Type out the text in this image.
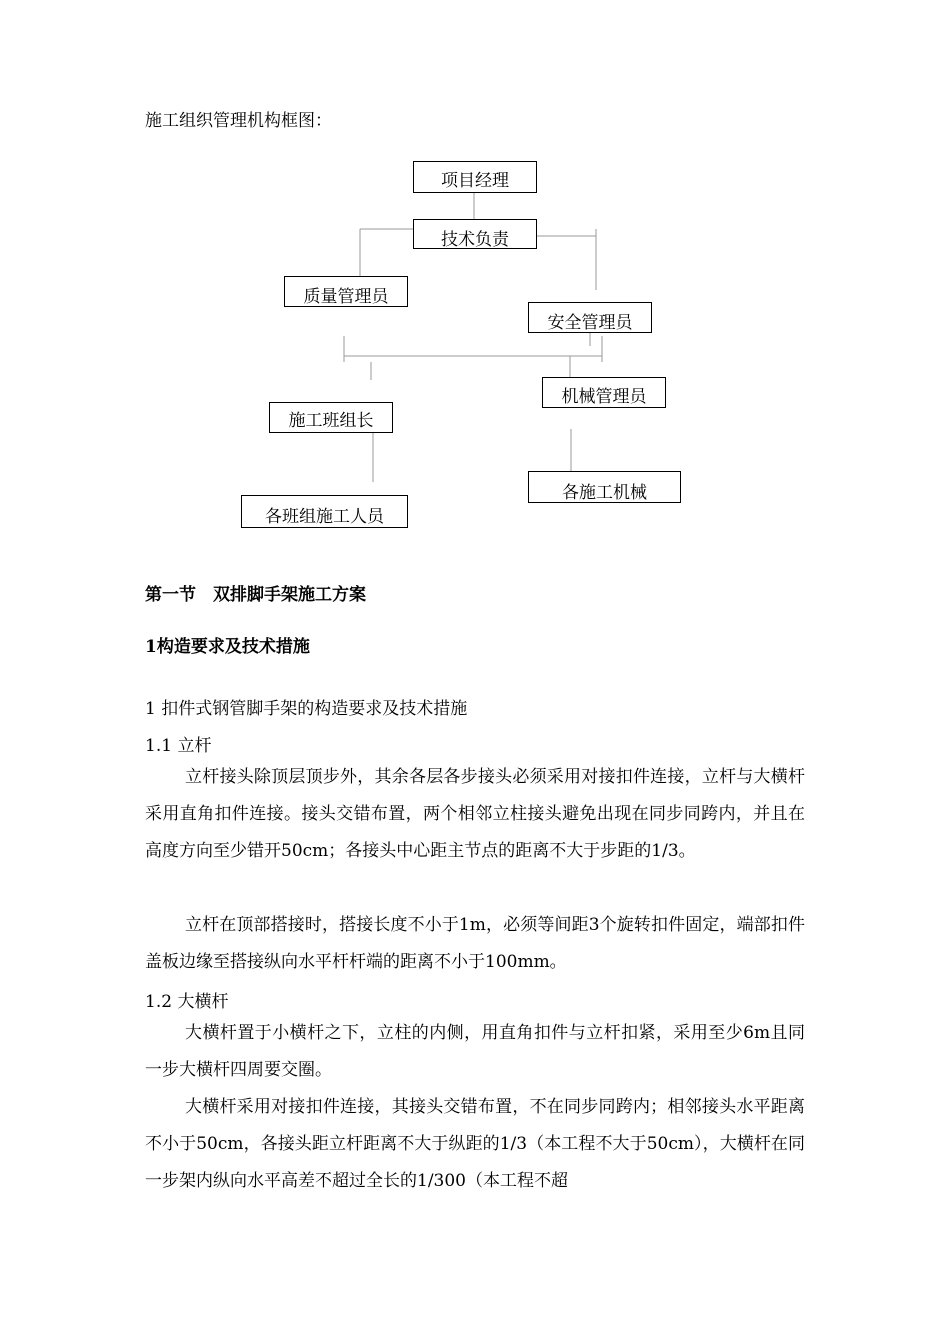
施工组织管理机构框图：
项目经理
技术负责
质量管理员
安全管理员
机械管理员
施工班组长
各施工机械
各班组施工人员
第一节　双排脚手架施工方案
1构造要求及技术措施
1 扣件式钢管脚手架的构造要求及技术措施
1.1 立杆

立杆接头除顶层顶步外，其余各层各步接头必须采用对接扣件连接，立杆与大横杆采用直角扣件连接。接头交错布置，两个相邻立柱接头避免出现在同步同跨内，并且在高度方向至少错开50cm；各接头中心距主节点的距离不大于步距的1/3。

立杆在顶部搭接时，搭接长度不小于1m，必须等间距3个旋转扣件固定，端部扣件盖板边缘至搭接纵向水平杆杆端的距离不小于100mm。

1.2 大横杆

大横杆置于小横杆之下，立柱的内侧，用直角扣件与立杆扣紧，采用至少6m且同一步大横杆四周要交圈。

大横杆采用对接扣件连接，其接头交错布置，不在同步同跨内；相邻接头水平距离不小于50cm，各接头距立杆距离不大于纵距的1/3（本工程不大于50cm），大横杆在同一步架内纵向水平高差不超过全长的1/300（本工程不超
